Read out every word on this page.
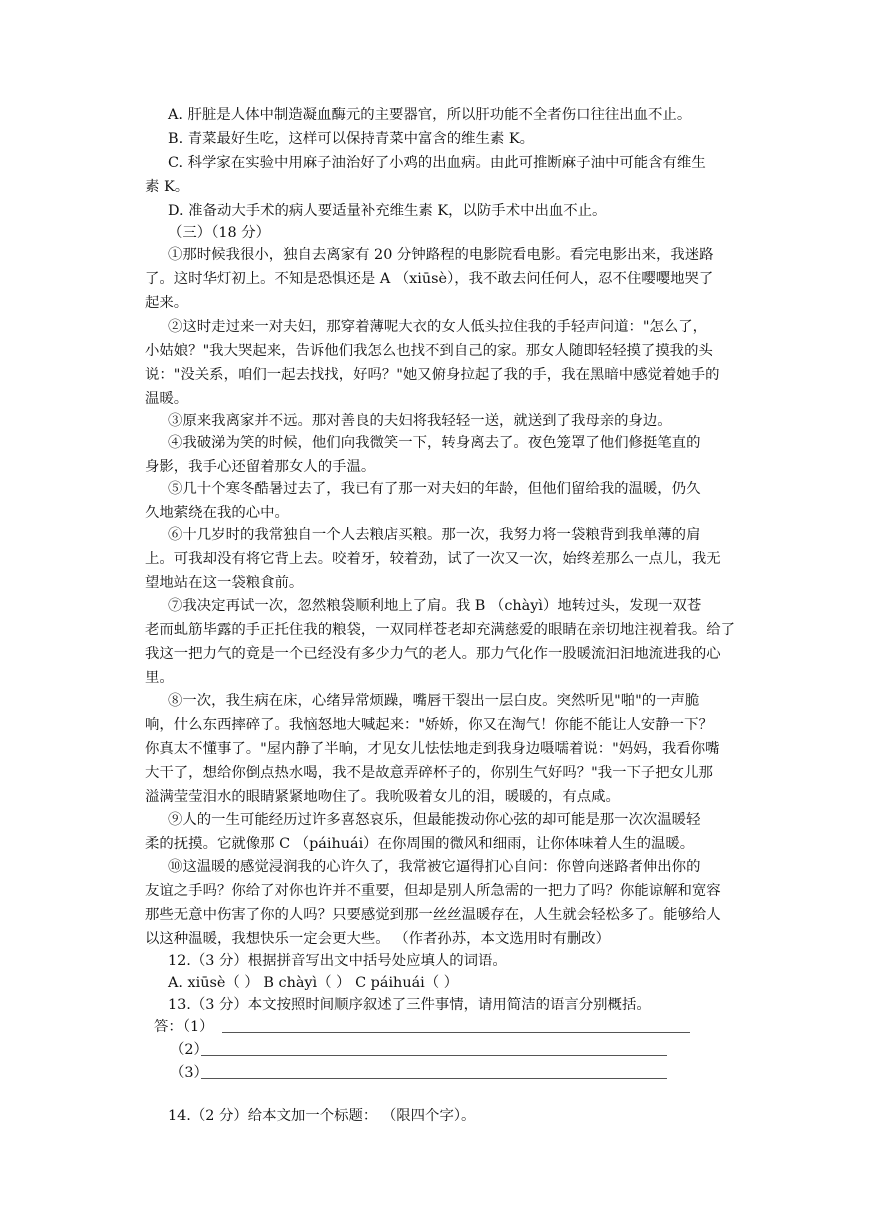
A. 肝脏是人体中制造凝血酶元的主要器官，所以肝功能不全者伤口往往出血不止。
B. 青菜最好生吃，这样可以保持青菜中富含的维生素 K。
C. 科学家在实验中用麻子油治好了小鸡的出血病。由此可推断麻子油中可能含有维生
素 K。
D. 准备动大手术的病人要适量补充维生素 K，以防手术中出血不止。
（三）（18 分）
①那时候我很小，独自去离家有 20 分钟路程的电影院看电影。看完电影出来，我迷路
了。这时华灯初上。不知是恐惧还是 A （xiūsè），我不敢去问任何人，忍不住嘤嘤地哭了
起来。
②这时走过来一对夫妇，那穿着薄呢大衣的女人低头拉住我的手轻声问道："怎么了，
小姑娘？"我大哭起来，告诉他们我怎么也找不到自己的家。那女人随即轻轻摸了摸我的头
说："没关系，咱们一起去找找，好吗？"她又俯身拉起了我的手，我在黑暗中感觉着她手的
温暖。
③原来我离家并不远。那对善良的夫妇将我轻轻一送，就送到了我母亲的身边。
④我破涕为笑的时候，他们向我微笑一下，转身离去了。夜色笼罩了他们修挺笔直的
身影，我手心还留着那女人的手温。
⑤几十个寒冬酷暑过去了，我已有了那一对夫妇的年龄，但他们留给我的温暖，仍久
久地萦绕在我的心中。
⑥十几岁时的我常独自一个人去粮店买粮。那一次，我努力将一袋粮背到我单薄的肩
上。可我却没有将它背上去。咬着牙，较着劲，试了一次又一次，始终差那么一点儿，我无
望地站在这一袋粮食前。
⑦我决定再试一次，忽然粮袋顺利地上了肩。我 B （chàyì）地转过头，发现一双苍
老而虬筋毕露的手正托住我的粮袋，一双同样苍老却充满慈爱的眼睛在亲切地注视着我。给了
我这一把力气的竟是一个已经没有多少力气的老人。那力气化作一股暖流汩汩地流进我的心
里。
⑧一次，我生病在床，心绪异常烦躁，嘴唇干裂出一层白皮。突然听见"啪"的一声脆
响，什么东西摔碎了。我恼怒地大喊起来："娇娇，你又在淘气！你能不能让人安静一下？
你真太不懂事了。"屋内静了半晌，才见女儿怯怯地走到我身边嗫嚅着说："妈妈，我看你嘴
大干了，想给你倒点热水喝，我不是故意弄碎杯子的，你别生气好吗？"我一下子把女儿那
溢满莹莹泪水的眼睛紧紧地吻住了。我吮吸着女儿的泪，暖暖的，有点咸。
⑨人的一生可能经历过许多喜怒哀乐，但最能拨动你心弦的却可能是那一次次温暖轻
柔的抚摸。它就像那 C （páihuái）在你周围的微风和细雨，让你体味着人生的温暖。
⑩这温暖的感觉浸润我的心许久了，我常被它逼得扪心自问：你曾向迷路者伸出你的
友谊之手吗？你给了对你也许并不重要，但却是别人所急需的一把力了吗？你能谅解和宽容
那些无意中伤害了你的人吗？只要感觉到那一丝丝温暖存在，人生就会轻松多了。能够给人
以这种温暖，我想快乐一定会更大些。 （作者孙苏，本文选用时有删改）
12.（3 分）根据拼音写出文中括号处应填人的词语。
A. xiūsè（ ） B chàyì（ ） C páihuái（ ）
13.（3 分）本文按照时间顺序叙述了三件事情，请用简洁的语言分别概括。
答：（1）
（2）
（3）
14.（2 分）给本文加一个标题： （限四个字）。
